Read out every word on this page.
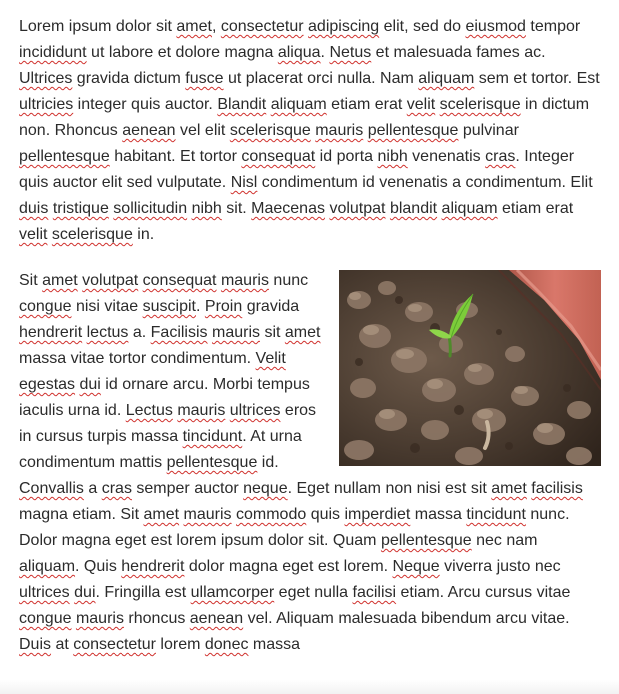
Lorem ipsum dolor sit amet, consectetur adipiscing elit, sed do eiusmod tempor incididunt ut labore et dolore magna aliqua. Netus et malesuada fames ac. Ultrices gravida dictum fusce ut placerat orci nulla. Nam aliquam sem et tortor. Est ultricies integer quis auctor. Blandit aliquam etiam erat velit scelerisque in dictum non. Rhoncus aenean vel elit scelerisque mauris pellentesque pulvinar pellentesque habitant. Et tortor consequat id porta nibh venenatis cras. Integer quis auctor elit sed vulputate. Nisl condimentum id venenatis a condimentum. Elit duis tristique sollicitudin nibh sit. Maecenas volutpat blandit aliquam etiam erat velit scelerisque in.

Sit amet volutpat consequat mauris nunc congue nisi vitae suscipit. Proin gravida hendrerit lectus a. Facilisis mauris sit amet massa vitae tortor condimentum. Velit egestas dui id ornare arcu. Morbi tempus iaculis urna id. Lectus mauris ultrices eros in cursus turpis massa tincidunt. At urna condimentum mattis pellentesque id. Convallis a cras semper auctor neque. Eget nullam non nisi est sit amet facilisis magna etiam. Sit amet mauris commodo quis imperdiet massa tincidunt nunc. Dolor magna eget est lorem ipsum dolor sit. Quam pellentesque nec nam aliquam. Quis hendrerit dolor magna eget est lorem. Neque viverra justo nec ultrices dui. Fringilla est ullamcorper eget nulla facilisi etiam. Arcu cursus vitae congue mauris rhoncus aenean vel. Aliquam malesuada bibendum arcu vitae. Duis at consectetur lorem donec massa
